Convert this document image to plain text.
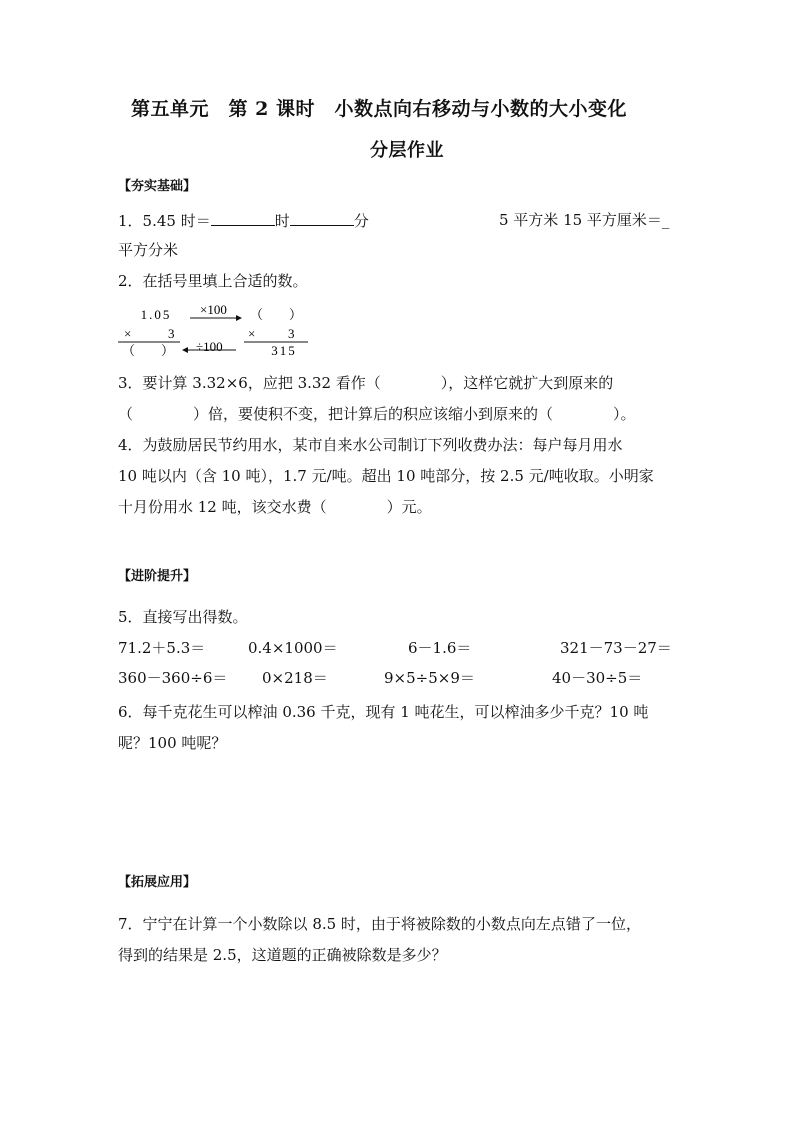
第五单元　第 2 课时　小数点向右移动与小数的大小变化
分层作业
【夯实基础】
1．5.45 时＝	时	分	5 平方米 15 平方厘米＝_
平方分米
2．在括号里填上合适的数。
1.05
×	3
（　　）
×100
÷100
（　　）
×	3
315
3．要计算 3.32×6，应把 3.32 看作（　　　　），这样它就扩大到原来的
（　　　　）倍，要使积不变，把计算后的积应该缩小到原来的（　　　　）。
4．为鼓励居民节约用水，某市自来水公司制订下列收费办法：每户每月用水
10 吨以内（含 10 吨），1.7 元/吨。超出 10 吨部分，按 2.5 元/吨收取。小明家
十月份用水 12 吨，该交水费（　　　　）元。
【进阶提升】
5．直接写出得数。
71.2＋5.3＝	0.4×1000＝	6－1.6＝	321－73－27＝
360－360÷6＝ 0×218＝	9×5÷5×9＝	40－30÷5＝
6．每千克花生可以榨油 0.36 千克，现有 1 吨花生，可以榨油多少千克？10 吨
呢？100 吨呢？
【拓展应用】
7．宁宁在计算一个小数除以 8.5 时，由于将被除数的小数点向左点错了一位，
得到的结果是 2.5，这道题的正确被除数是多少？
